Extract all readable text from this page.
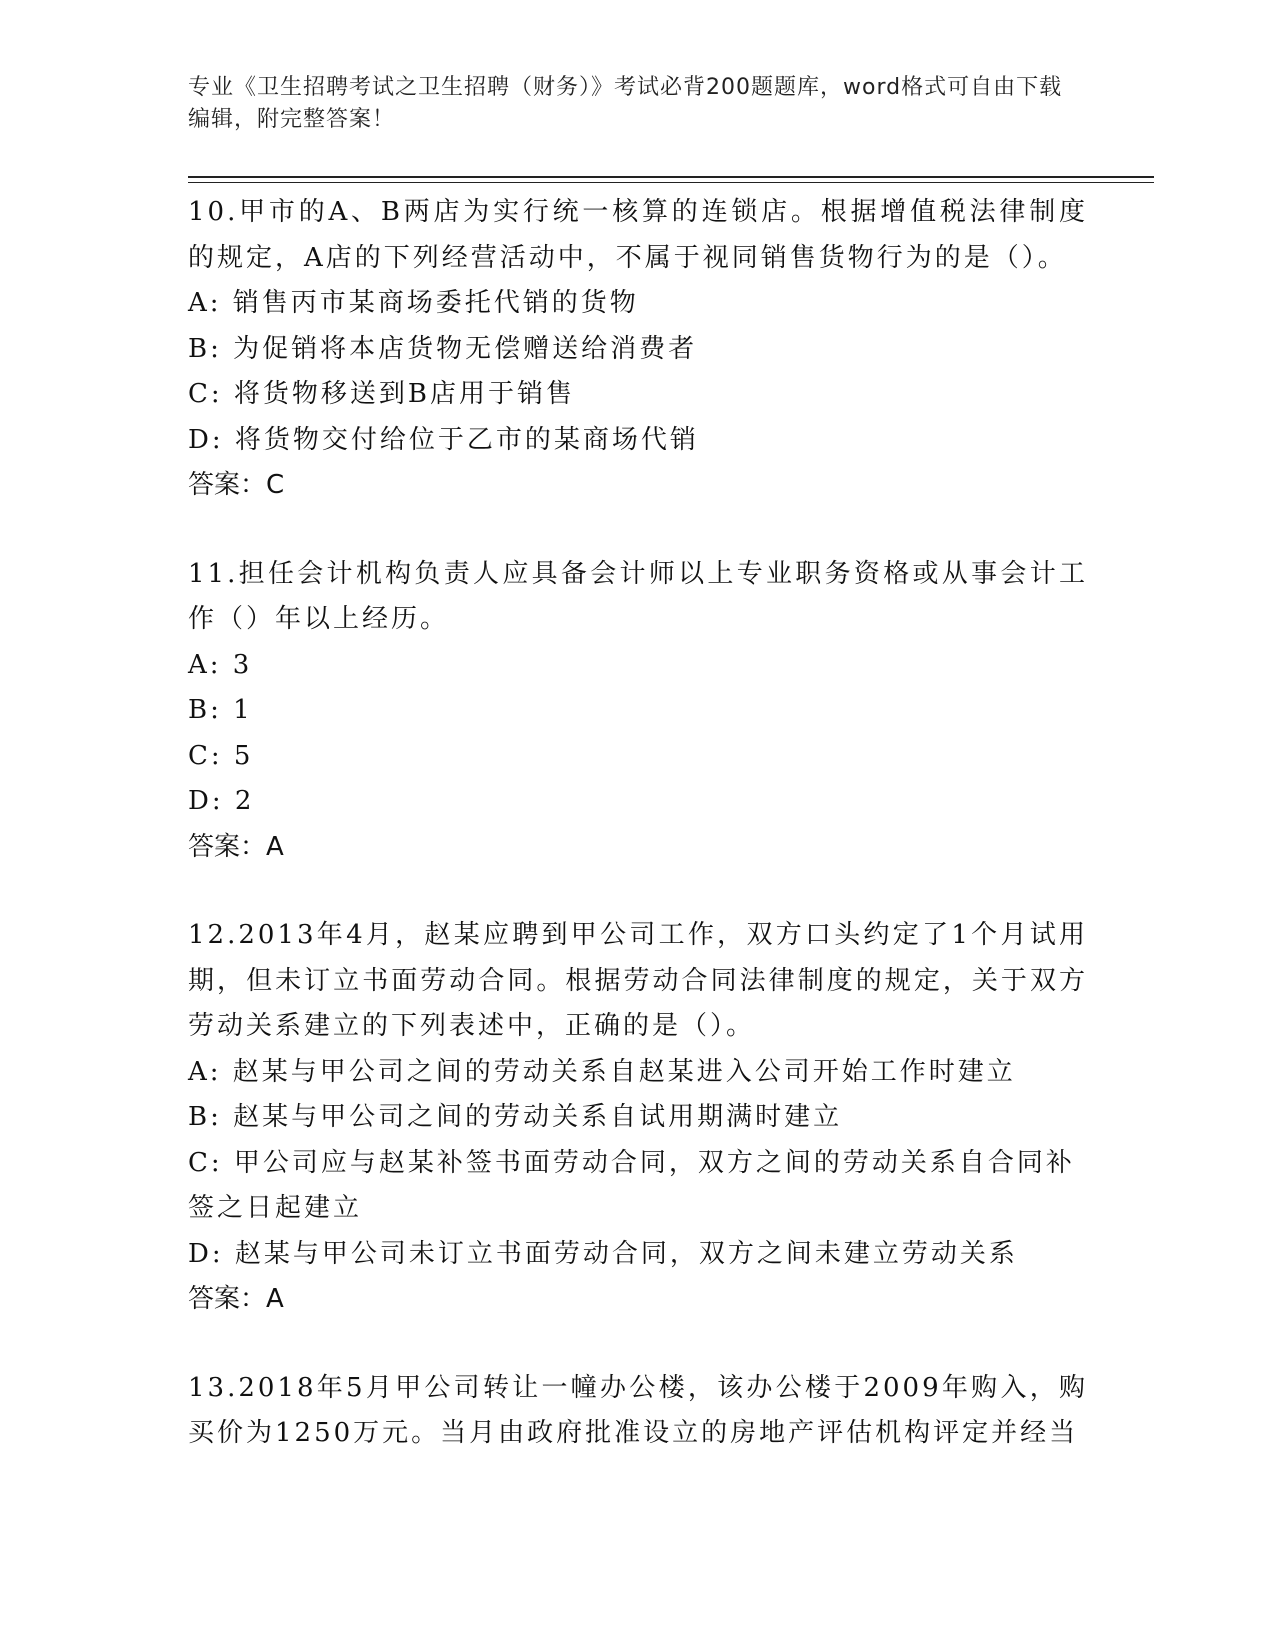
专业《卫生招聘考试之卫生招聘（财务）》考试必背200题题库，word格式可自由下载编辑，附完整答案！
10.甲市的A、B两店为实行统一核算的连锁店。根据增值税法律制度的规定，A店的下列经营活动中，不属于视同销售货物行为的是（）。
A: 销售丙市某商场委托代销的货物
B: 为促销将本店货物无偿赠送给消费者
C: 将货物移送到B店用于销售
D: 将货物交付给位于乙市的某商场代销
答案：C
11.担任会计机构负责人应具备会计师以上专业职务资格或从事会计工作（）年以上经历。
A: 3
B: 1
C: 5
D: 2
答案：A
12.2013年4月，赵某应聘到甲公司工作，双方口头约定了1个月试用期，但未订立书面劳动合同。根据劳动合同法律制度的规定，关于双方劳动关系建立的下列表述中，正确的是（）。
A: 赵某与甲公司之间的劳动关系自赵某进入公司开始工作时建立
B: 赵某与甲公司之间的劳动关系自试用期满时建立
C: 甲公司应与赵某补签书面劳动合同，双方之间的劳动关系自合同补签之日起建立
D: 赵某与甲公司未订立书面劳动合同，双方之间未建立劳动关系
答案：A
13.2018年5月甲公司转让一幢办公楼，该办公楼于2009年购入，购买价为1250万元。当月由政府批准设立的房地产评估机构评定并经当
